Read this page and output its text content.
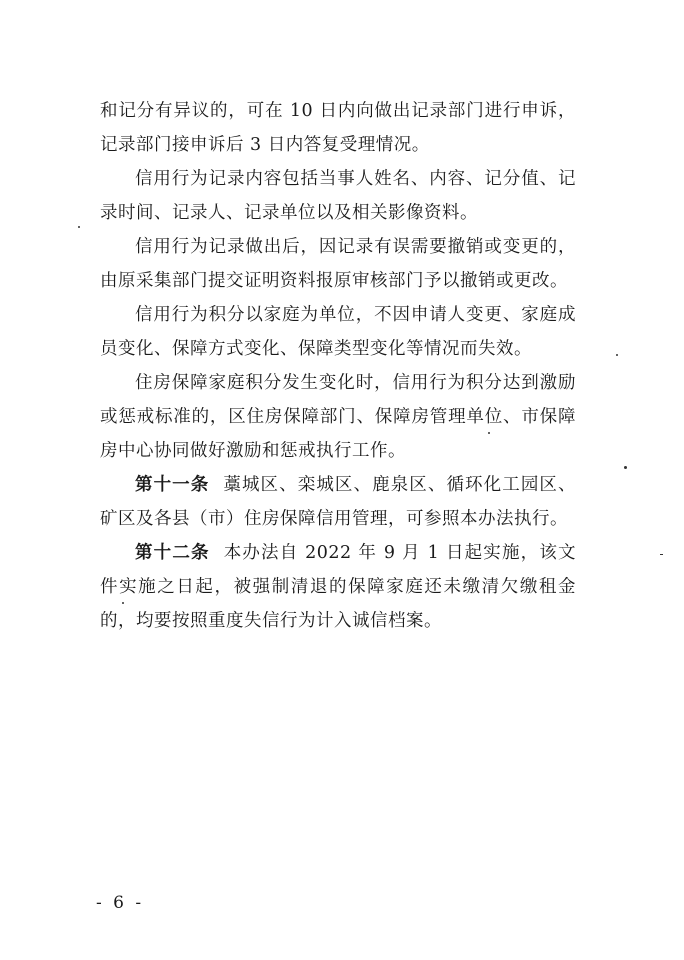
和记分有异议的，可在 10 日内向做出记录部门进行申诉，记录部门接申诉后 3 日内答复受理情况。

信用行为记录内容包括当事人姓名、内容、记分值、记录时间、记录人、记录单位以及相关影像资料。

信用行为记录做出后，因记录有误需要撤销或变更的，由原采集部门提交证明资料报原审核部门予以撤销或更改。

信用行为积分以家庭为单位，不因申请人变更、家庭成员变化、保障方式变化、保障类型变化等情况而失效。

住房保障家庭积分发生变化时，信用行为积分达到激励或惩戒标准的，区住房保障部门、保障房管理单位、市保障房中心协同做好激励和惩戒执行工作。

第十一条 藁城区、栾城区、鹿泉区、循环化工园区、矿区及各县（市）住房保障信用管理，可参照本办法执行。

第十二条 本办法自 2022 年 9 月 1 日起实施，该文件实施之日起，被强制清退的保障家庭还未缴清欠缴租金的，均要按照重度失信行为计入诚信档案。

- 6 -
